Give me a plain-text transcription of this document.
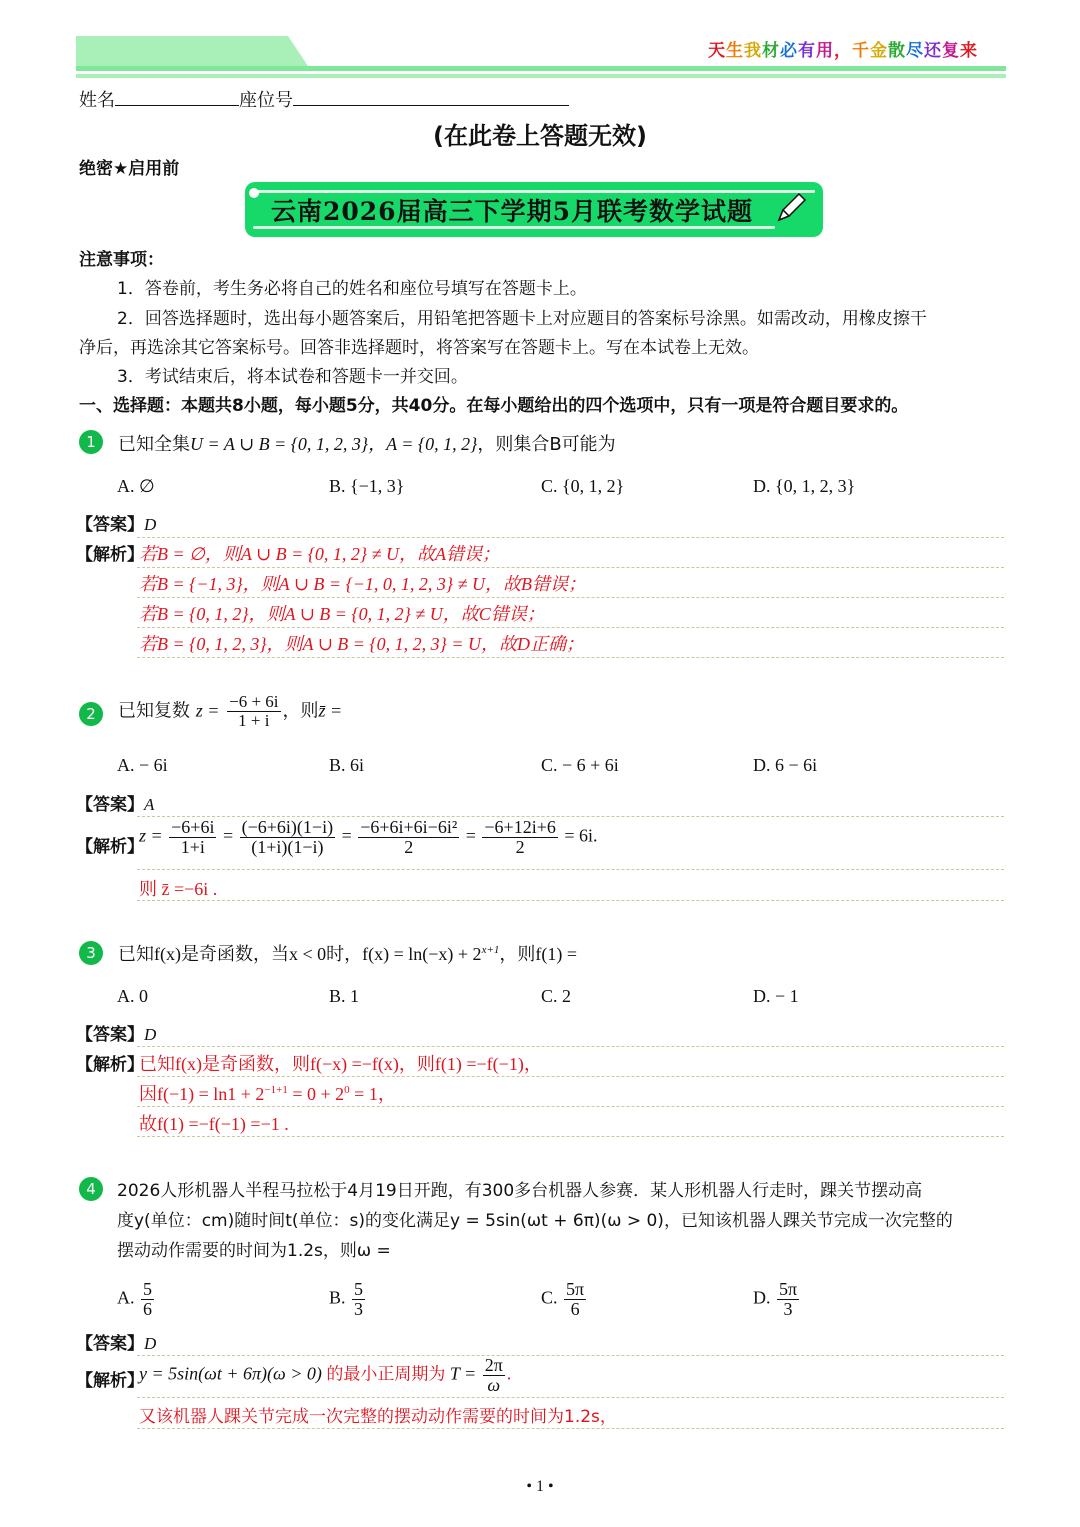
天生我材必有用，千金散尽还复来
姓名	座位号
(在此卷上答题无效)
绝密★启用前
云南2026届高三下学期5月联考数学试题
注意事项：
1．答卷前，考生务必将自己的姓名和座位号填写在答题卡上。
2．回答选择题时，选出每小题答案后，用铅笔把答题卡上对应题目的答案标号涂黑。如需改动，用橡皮擦干
净后，再选涂其它答案标号。回答非选择题时，将答案写在答题卡上。写在本试卷上无效。
3．考试结束后，将本试卷和答题卡一并交回。
一、选择题：本题共8小题，每小题5分，共40分。在每小题给出的四个选项中，只有一项是符合题目要求的。
1	已知全集U = A ∪ B = {0, 1, 2, 3}，A = {0, 1, 2}，则集合B可能为
A. ∅	B. {−1, 3}	C. {0, 1, 2}	D. {0, 1, 2, 3}
【答案】D
【解析】
若B = ∅，则A ∪ B = {0, 1, 2} ≠ U，故A错误；
若B = {−1, 3}，则A ∪ B = {−1, 0, 1, 2, 3} ≠ U，故B错误；
若B = {0, 1, 2}，则A ∪ B = {0, 1, 2} ≠ U，故C错误；
若B = {0, 1, 2, 3}，则A ∪ B = {0, 1, 2, 3} = U，故D正确；
2	已知复数 $z = \frac{-6 + 6i}{1 + i}$ ，则z̄ =
A. − 6i	B. 6i	C. − 6 + 6i	D. 6 − 6i
【答案】A
【解析】
$z = \frac{-6+6i}{1+i} = \frac{(-6+6i)(1-i)}{(1+i)(1-i)} = \frac{\text{−6+6i+6i−6i²}}{2} = \frac{-6+12i+6}{2} = 6i$.
则 z̄ =−6i .
3	已知f(x)是奇函数，当x < 0时，$f(x) = \ln(-x) + 2^{x+1}$，则f(1) =
A. 0	B. 1	C. 2	D. − 1
【答案】D
【解析】
已知f(x)是奇函数，则f(−x) =−f(x)，则f(1) =−f(−1)，
因$f(-1) = \ln 1 + 2^{-1+1} = 0 + 2^0 = 1$，
故f(1) =−f(−1) =−1 .
4	2026人形机器人半程马拉松于4月19日开跑，有300多台机器人参赛．某人形机器人行走时，踝关节摆动高
度y(单位：cm)随时间t(单位：s)的变化满足y = 5sin(ωt + 6π)(ω > 0)，已知该机器人踝关节完成一次完整的
摆动动作需要的时间为1.2s，则ω =
A. $\frac{5}{6}$	B. $\frac{5}{3}$	C. $\frac{5\pi}{6}$	D. $\frac{5\pi}{3}$
【答案】D
【解析】
y = 5sin(ωt + 6π)(ω > 0) 的最小正周期为 $T = \frac{2\pi}{\omega}$ .
又该机器人踝关节完成一次完整的摆动动作需要的时间为1.2s，
• 1 •
